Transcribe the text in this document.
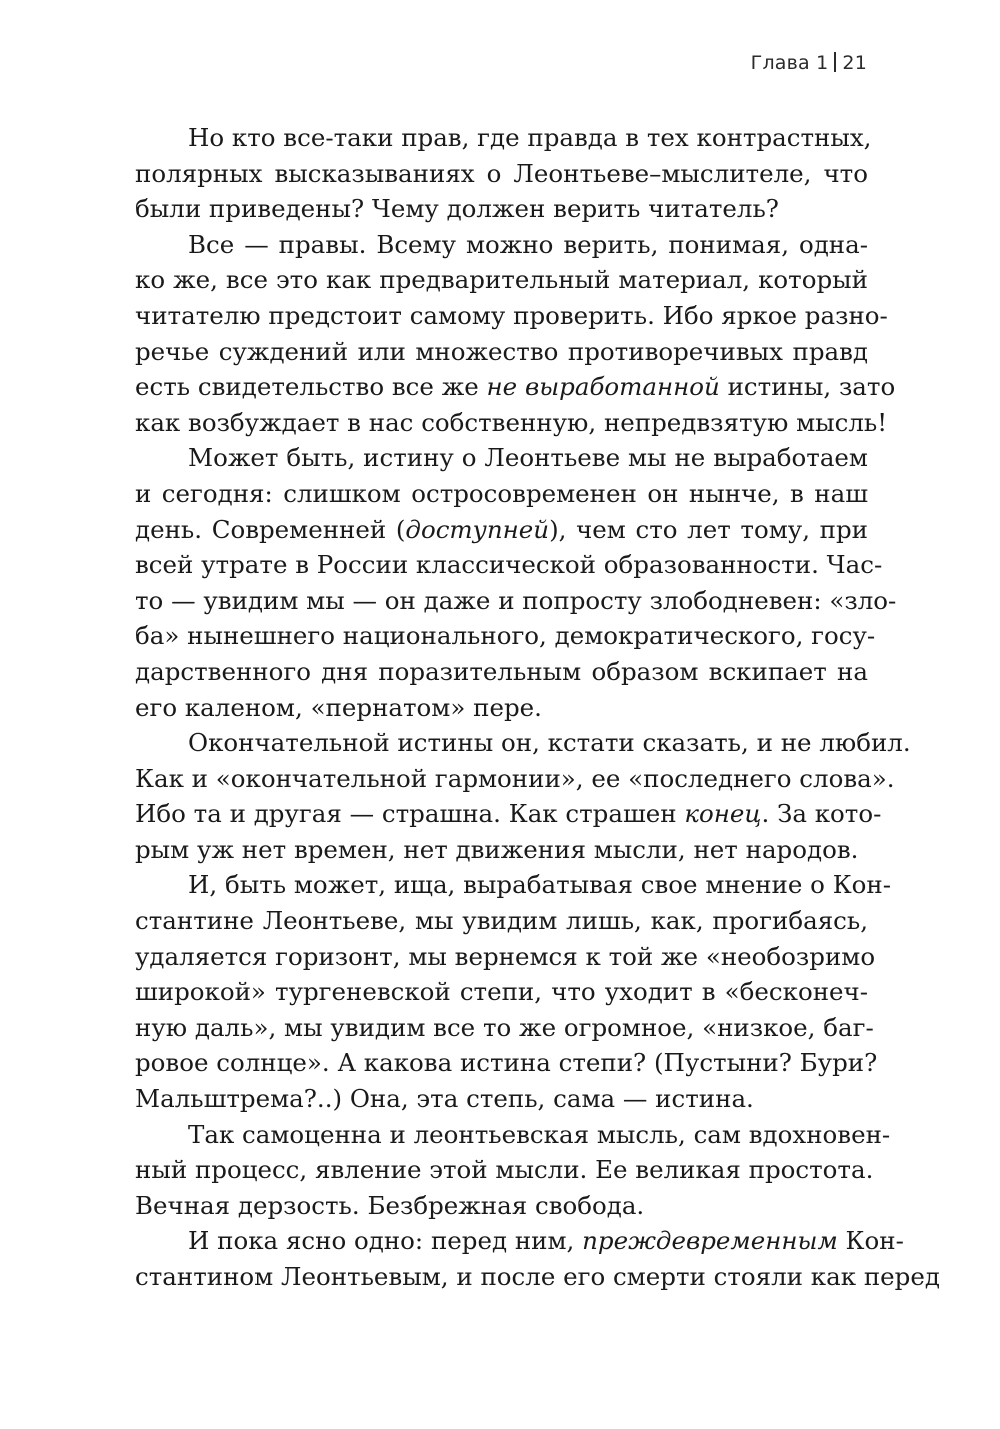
Глава 1 21
Но кто все-таки прав, где правда в тех контрастных,
полярных высказываниях о Леонтьеве–мыслителе, что
были приведены? Чему должен верить читатель?
Все — правы. Всему можно верить, понимая, одна-
ко же, все это как предварительный материал, который
читателю предстоит самому проверить. Ибо яркое разно-
речье суждений или множество противоречивых правд
есть свидетельство все же не выработанной истины, зато
как возбуждает в нас собственную, непредвзятую мысль!
Может быть, истину о Леонтьеве мы не выработаем
и сегодня: слишком остросовременен он нынче, в наш
день. Современней (доступней), чем сто лет тому, при
всей утрате в России классической образованности. Час-
то — увидим мы — он даже и попросту злободневен: «зло-
ба» нынешнего национального, демократического, госу-
дарственного дня поразительным образом вскипает на
его каленом, «пернатом» пере.
Окончательной истины он, кстати сказать, и не любил.
Как и «окончательной гармонии», ее «последнего слова».
Ибо та и другая — страшна. Как страшен конец. За кото-
рым уж нет времен, нет движения мысли, нет народов.
И, быть может, ища, вырабатывая свое мнение о Кон-
стантине Леонтьеве, мы увидим лишь, как, прогибаясь,
удаляется горизонт, мы вернемся к той же «необозримо
широкой» тургеневской степи, что уходит в «бесконеч-
ную даль», мы увидим все то же огромное, «низкое, баг-
ровое солнце». А какова истина степи? (Пустыни? Бури?
Мальштрема?..) Она, эта степь, сама — истина.
Так самоценна и леонтьевская мысль, сам вдохновен-
ный процесс, явление этой мысли. Ее великая простота.
Вечная дерзость. Безбрежная свобода.
И пока ясно одно: перед ним, преждевременным Кон-
стантином Леонтьевым, и после его смерти стояли как перед
